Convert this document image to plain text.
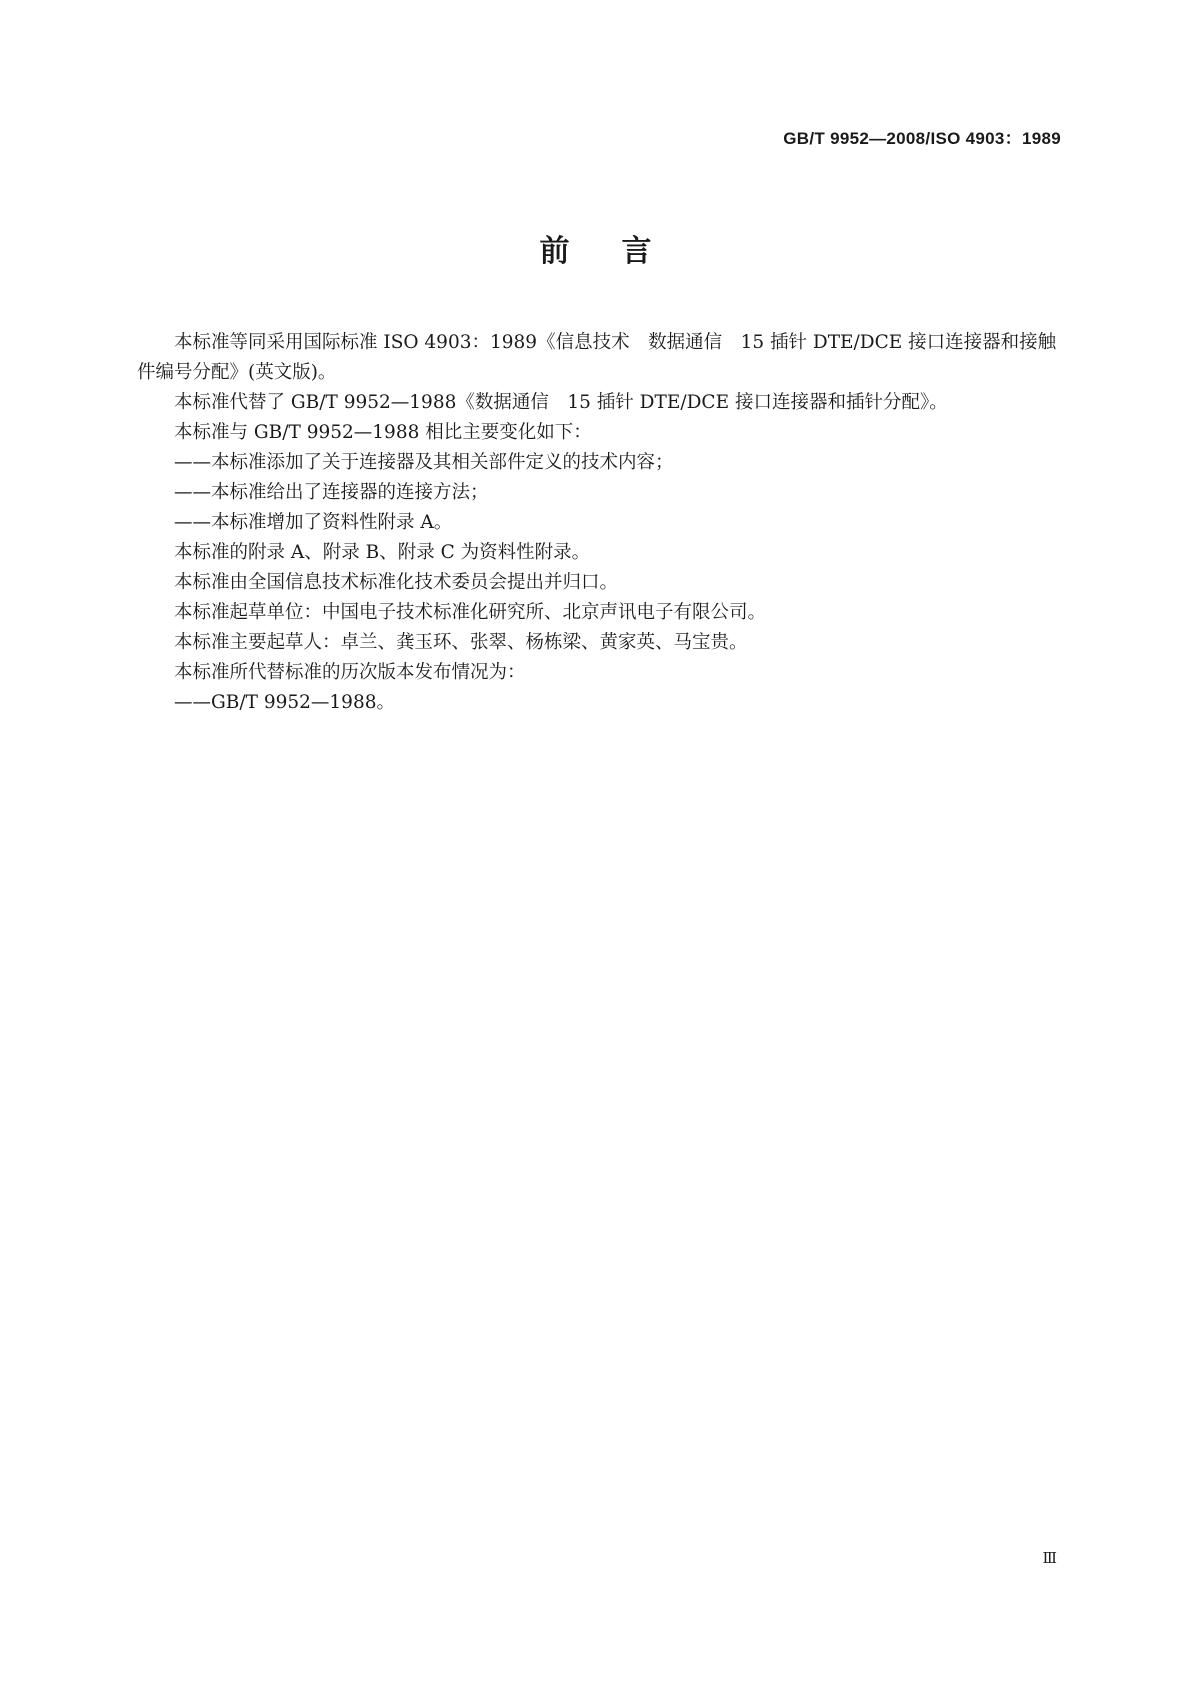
GB/T 9952—2008/ISO 4903：1989
前言

本标准等同采用国际标准 ISO 4903：1989《信息技术　数据通信　15 插针 DTE/DCE 接口连接器和接触件编号分配》(英文版)。

本标准代替了 GB/T 9952—1988《数据通信　15 插针 DTE/DCE 接口连接器和插针分配》。

本标准与 GB/T 9952—1988 相比主要变化如下：

——本标准添加了关于连接器及其相关部件定义的技术内容；

——本标准给出了连接器的连接方法；

——本标准增加了资料性附录 A。

本标准的附录 A、附录 B、附录 C 为资料性附录。

本标准由全国信息技术标准化技术委员会提出并归口。

本标准起草单位：中国电子技术标准化研究所、北京声讯电子有限公司。

本标准主要起草人：卓兰、龚玉环、张翠、杨栋梁、黄家英、马宝贵。

本标准所代替标准的历次版本发布情况为：

——GB/T 9952—1988。

Ⅲ
